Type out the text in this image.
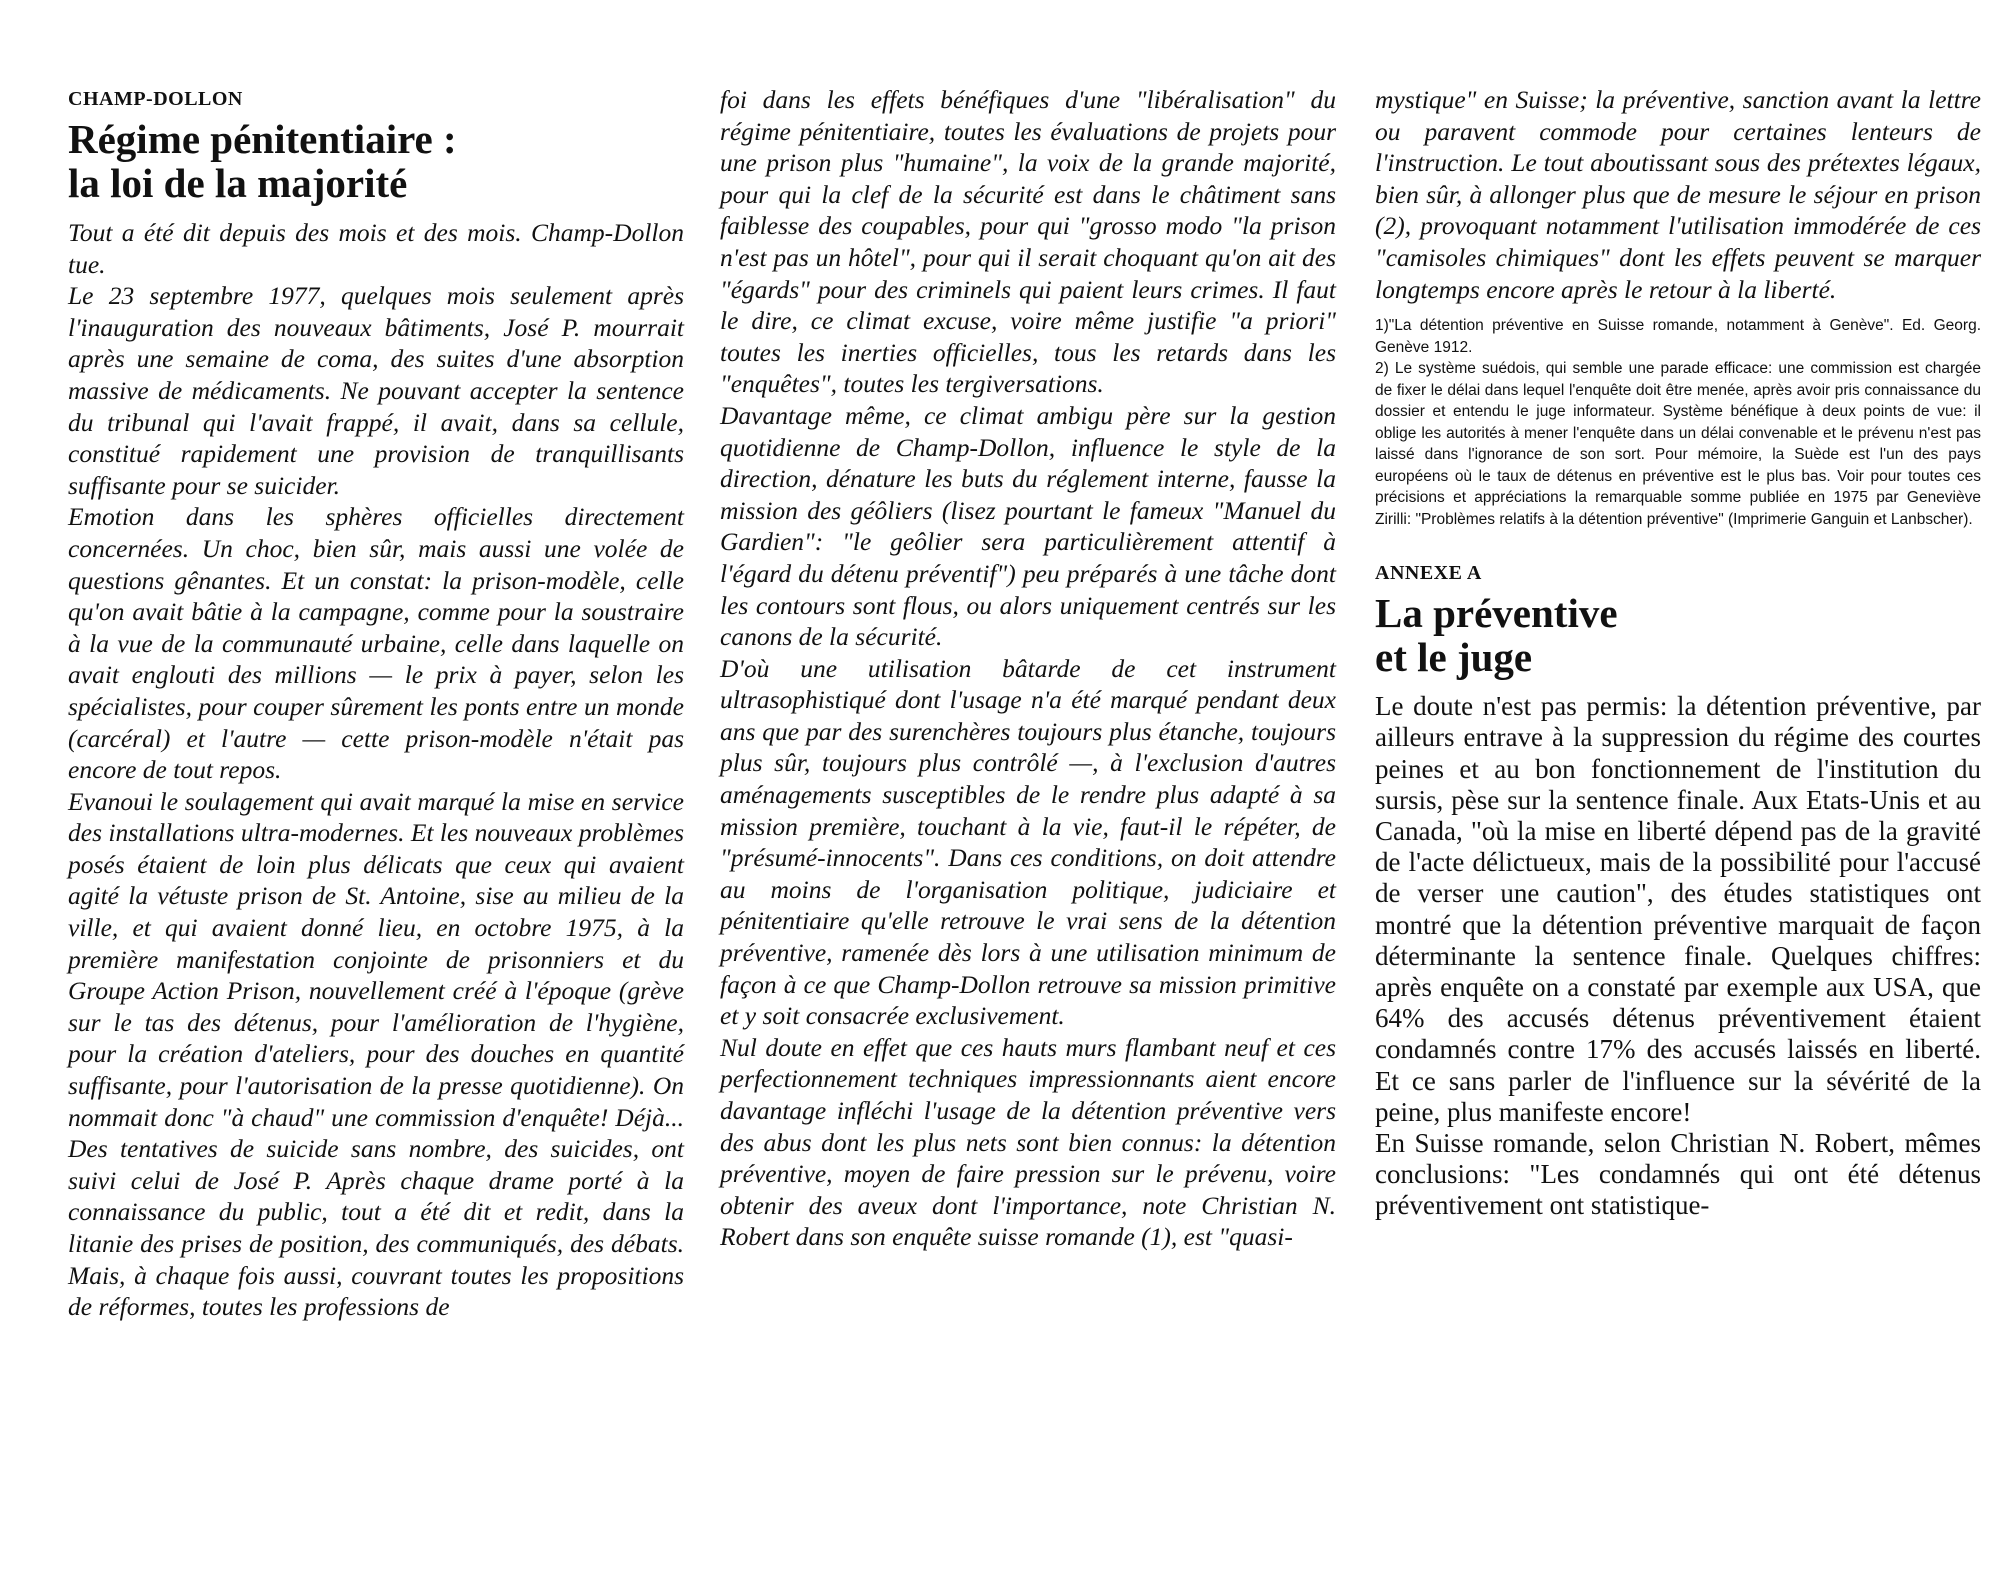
CHAMP-DOLLON
Régime pénitentiaire :
la loi de la majorité

Tout a été dit depuis des mois et des mois. Champ-Dollon tue.

Le 23 septembre 1977, quelques mois seulement après l'inauguration des nouveaux bâtiments, José P. mourrait après une semaine de coma, des suites d'une absorption massive de médicaments. Ne pouvant accepter la sentence du tribunal qui l'avait frappé, il avait, dans sa cellule, constitué rapidement une provision de tranquillisants suffisante pour se suicider.

Emotion dans les sphères officielles directement concernées. Un choc, bien sûr, mais aussi une volée de questions gênantes. Et un constat: la prison-modèle, celle qu'on avait bâtie à la campagne, comme pour la soustraire à la vue de la communauté urbaine, celle dans laquelle on avait englouti des millions — le prix à payer, selon les spécialistes, pour couper sûrement les ponts entre un monde (carcéral) et l'autre — cette prison-modèle n'était pas encore de tout repos.

Evanoui le soulagement qui avait marqué la mise en service des installations ultra-modernes. Et les nouveaux problèmes posés étaient de loin plus délicats que ceux qui avaient agité la vétuste prison de St. Antoine, sise au milieu de la ville, et qui avaient donné lieu, en octobre 1975, à la première manifestation conjointe de prisonniers et du Groupe Action Prison, nouvellement créé à l'époque (grève sur le tas des détenus, pour l'amélioration de l'hygiène, pour la création d'ateliers, pour des douches en quantité suffisante, pour l'autorisation de la presse quotidienne). On nommait donc "à chaud" une commission d'enquête! Déjà... Des tentatives de suicide sans nombre, des suicides, ont suivi celui de José P. Après chaque drame porté à la connaissance du public, tout a été dit et redit, dans la litanie des prises de position, des communiqués, des débats. Mais, à chaque fois aussi, couvrant toutes les propositions de réformes, toutes les professions de

foi dans les effets bénéfiques d'une "libéralisation" du régime pénitentiaire, toutes les évaluations de projets pour une prison plus "humaine", la voix de la grande majorité, pour qui la clef de la sécurité est dans le châtiment sans faiblesse des coupables, pour qui "grosso modo "la prison n'est pas un hôtel", pour qui il serait choquant qu'on ait des "égards" pour des criminels qui paient leurs crimes. Il faut le dire, ce climat excuse, voire même justifie "a priori" toutes les inerties officielles, tous les retards dans les "enquêtes", toutes les tergiversations.

Davantage même, ce climat ambigu père sur la gestion quotidienne de Champ-Dollon, influence le style de la direction, dénature les buts du réglement interne, fausse la mission des géôliers (lisez pourtant le fameux "Manuel du Gardien": "le geôlier sera particulièrement attentif à l'égard du détenu préventif") peu préparés à une tâche dont les contours sont flous, ou alors uniquement centrés sur les canons de la sécurité.

D'où une utilisation bâtarde de cet instrument ultrasophistiqué dont l'usage n'a été marqué pendant deux ans que par des surenchères toujours plus étanche, toujours plus sûr, toujours plus contrôlé —, à l'exclusion d'autres aménagements susceptibles de le rendre plus adapté à sa mission première, touchant à la vie, faut-il le répéter, de "présumé-innocents". Dans ces conditions, on doit attendre au moins de l'organisation politique, judiciaire et pénitentiaire qu'elle retrouve le vrai sens de la détention préventive, ramenée dès lors à une utilisation minimum de façon à ce que Champ-Dollon retrouve sa mission primitive et y soit consacrée exclusivement.

Nul doute en effet que ces hauts murs flambant neuf et ces perfectionnement techniques impressionnants aient encore davantage infléchi l'usage de la détention préventive vers des abus dont les plus nets sont bien connus: la détention préventive, moyen de faire pression sur le prévenu, voire obtenir des aveux dont l'importance, note Christian N. Robert dans son enquête suisse romande (1), est "quasi-

mystique" en Suisse; la préventive, sanction avant la lettre ou paravent commode pour certaines lenteurs de l'instruction. Le tout aboutissant sous des prétextes légaux, bien sûr, à allonger plus que de mesure le séjour en prison (2), provoquant notamment l'utilisation immodérée de ces "camisoles chimiques" dont les effets peuvent se marquer longtemps encore après le retour à la liberté.

1)"La détention préventive en Suisse romande, notamment à Genève". Ed. Georg. Genève 1912.

2) Le système suédois, qui semble une parade efficace: une commission est chargée de fixer le délai dans lequel l'enquête doit être menée, après avoir pris connaissance du dossier et entendu le juge informateur. Système bénéfique à deux points de vue: il oblige les autorités à mener l'enquête dans un délai convenable et le prévenu n'est pas laissé dans l'ignorance de son sort. Pour mémoire, la Suède est l'un des pays européens où le taux de détenus en préventive est le plus bas. Voir pour toutes ces précisions et appréciations la remarquable somme publiée en 1975 par Geneviève Zirilli: "Problèmes relatifs à la détention préventive" (Imprimerie Ganguin et Lanbscher).

ANNEXE A
La préventive
et le juge

Le doute n'est pas permis: la détention préventive, par ailleurs entrave à la suppression du régime des courtes peines et au bon fonctionnement de l'institution du sursis, pèse sur la sentence finale. Aux Etats-Unis et au Canada, "où la mise en liberté dépend pas de la gravité de l'acte délictueux, mais de la possibilité pour l'accusé de verser une caution", des études statistiques ont montré que la détention préventive marquait de façon déterminante la sentence finale. Quelques chiffres: après enquête on a constaté par exemple aux USA, que 64% des accusés détenus préventivement étaient condamnés contre 17% des accusés laissés en liberté. Et ce sans parler de l'influence sur la sévérité de la peine, plus manifeste encore!

En Suisse romande, selon Christian N. Robert, mêmes conclusions: "Les condamnés qui ont été détenus préventivement ont statistique-
